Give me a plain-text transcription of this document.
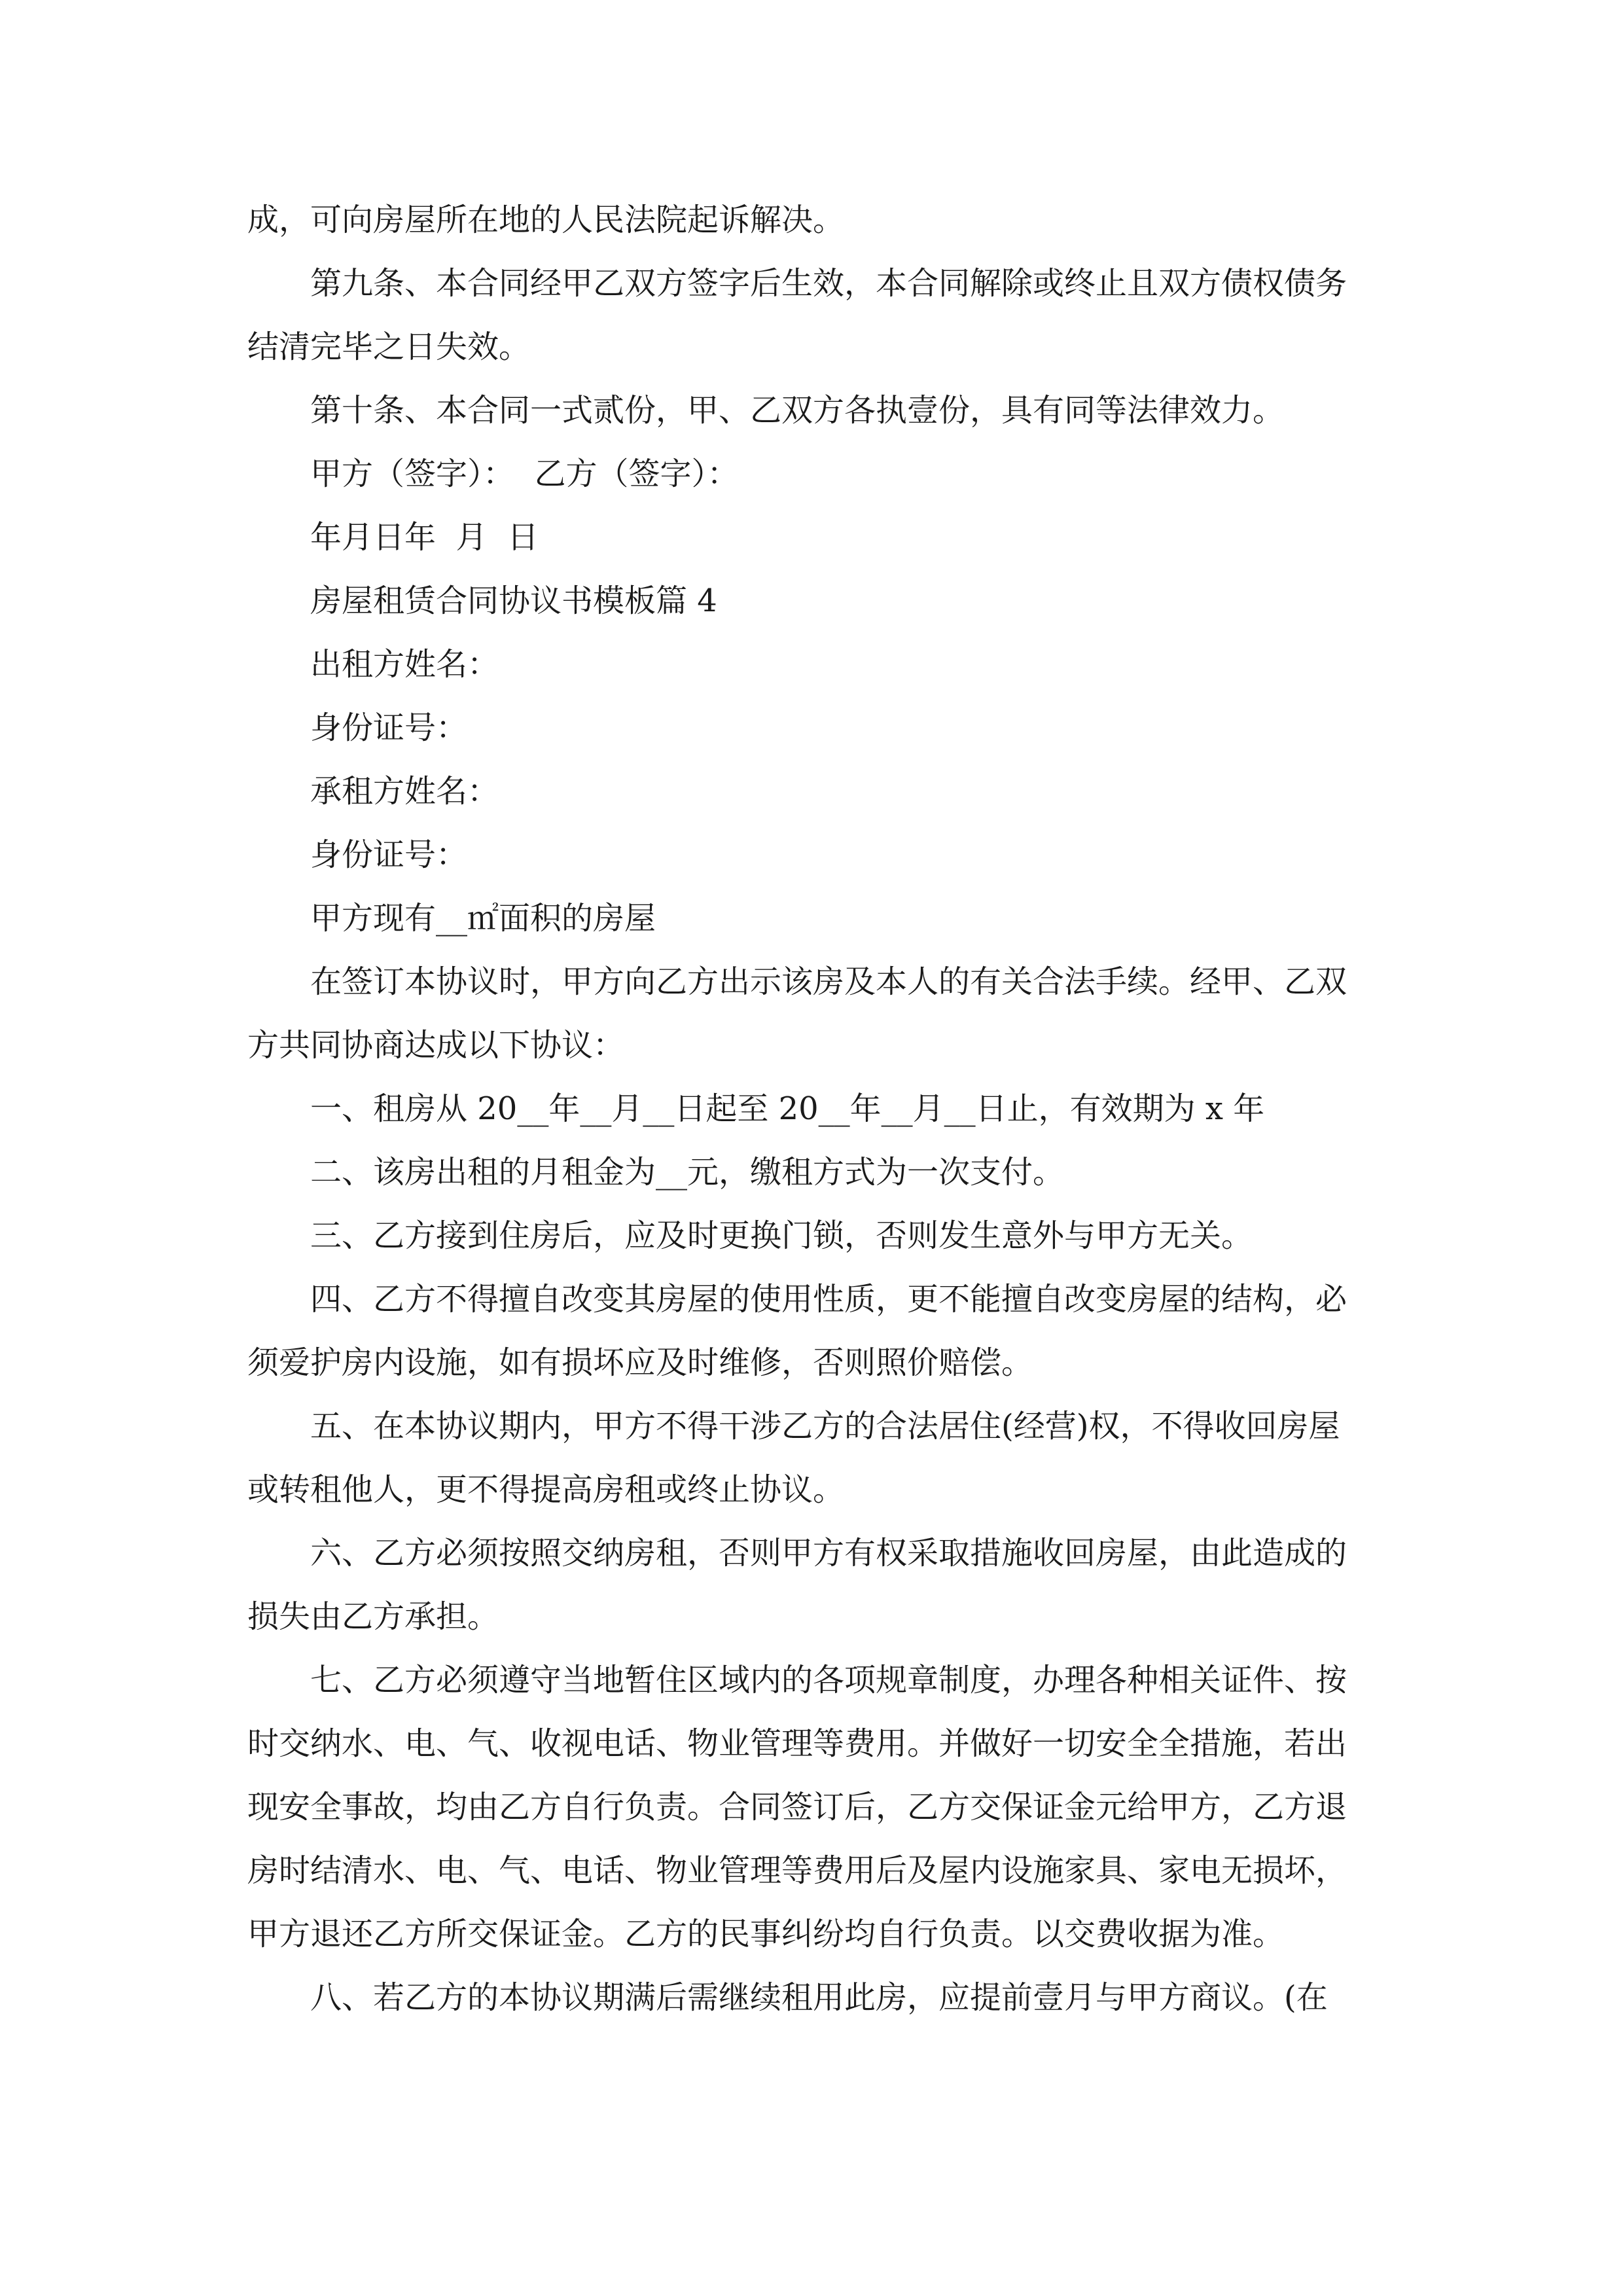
成，可向房屋所在地的人民法院起诉解决。

第九条、本合同经甲乙双方签字后生效，本合同解除或终止且双方债权债务

结清完毕之日失效。

第十条、本合同一式贰份，甲、乙双方各执壹份，具有同等法律效力。

甲方（签字）：  乙方（签字）：

年月日年  月  日

房屋租赁合同协议书模板篇 4

出租方姓名：

身份证号：

承租方姓名：

身份证号：

甲方现有__㎡面积的房屋

在签订本协议时，甲方向乙方出示该房及本人的有关合法手续。经甲、乙双

方共同协商达成以下协议：

一、租房从 20__年__月__日起至 20__年__月__日止，有效期为 x 年

二、该房出租的月租金为__元，缴租方式为一次支付。

三、乙方接到住房后，应及时更换门锁，否则发生意外与甲方无关。

四、乙方不得擅自改变其房屋的使用性质，更不能擅自改变房屋的结构，必

须爱护房内设施，如有损坏应及时维修，否则照价赔偿。

五、在本协议期内，甲方不得干涉乙方的合法居住(经营)权，不得收回房屋

或转租他人，更不得提高房租或终止协议。

六、乙方必须按照交纳房租，否则甲方有权采取措施收回房屋，由此造成的

损失由乙方承担。

七、乙方必须遵守当地暂住区域内的各项规章制度，办理各种相关证件、按

时交纳水、电、气、收视电话、物业管理等费用。并做好一切安全全措施，若出

现安全事故，均由乙方自行负责。合同签订后，乙方交保证金元给甲方，乙方退

房时结清水、电、气、电话、物业管理等费用后及屋内设施家具、家电无损坏，

甲方退还乙方所交保证金。乙方的民事纠纷均自行负责。以交费收据为准。

八、若乙方的本协议期满后需继续租用此房，应提前壹月与甲方商议。(在
